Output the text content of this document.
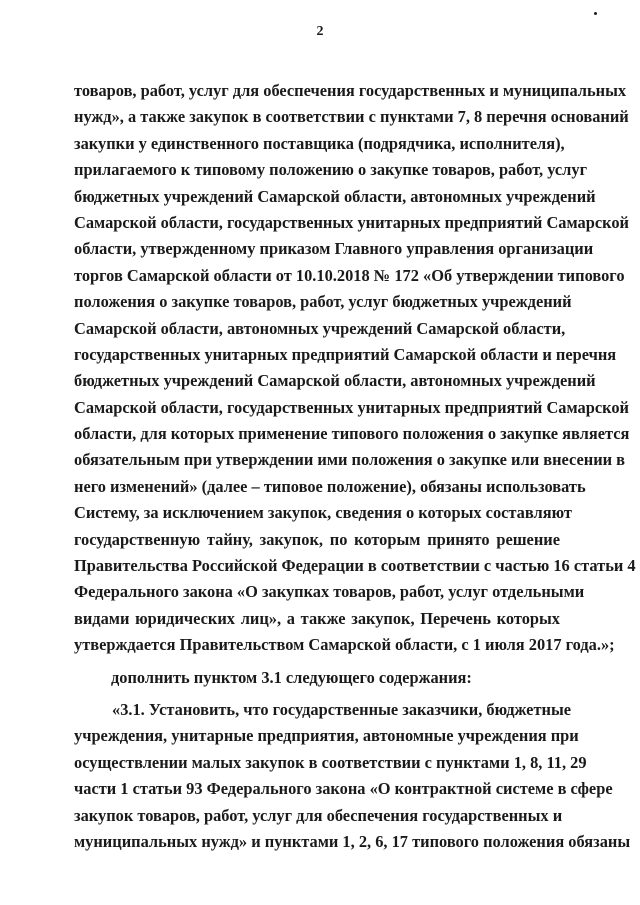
2
товаров, работ, услуг для обеспечения государственных и муниципальных
нужд», а также закупок в соответствии с пунктами 7, 8 перечня оснований
закупки у единственного поставщика (подрядчика, исполнителя),
прилагаемого к типовому положению о закупке товаров, работ, услуг
бюджетных учреждений Самарской области, автономных учреждений
Самарской области, государственных унитарных предприятий Самарской
области, утвержденному приказом Главного управления организации
торгов Самарской области от 10.10.2018 № 172 «Об утверждении типового
положения о закупке товаров, работ, услуг бюджетных учреждений
Самарской области, автономных учреждений Самарской области,
государственных унитарных предприятий Самарской области и перечня
бюджетных учреждений Самарской области, автономных учреждений
Самарской области, государственных унитарных предприятий Самарской
области, для которых применение типового положения о закупке является
обязательным при утверждении ими положения о закупке или внесении в
него изменений» (далее – типовое положение), обязаны использовать
Систему, за исключением закупок, сведения о которых составляют
государственную тайну, закупок, по которым принято решение
Правительства Российской Федерации в соответствии с частью 16 статьи 4
Федерального закона «О закупках товаров, работ, услуг отдельными
видами юридических лиц», а также закупок, Перечень которых
утверждается Правительством Самарской области, с 1 июля 2017 года.»;
дополнить пунктом 3.1 следующего содержания:
«3.1. Установить, что государственные заказчики, бюджетные
учреждения, унитарные предприятия, автономные учреждения при
осуществлении малых закупок в соответствии с пунктами 1, 8, 11, 29
части 1 статьи 93 Федерального закона «О контрактной системе в сфере
закупок товаров, работ, услуг для обеспечения государственных и
муниципальных нужд» и пунктами 1, 2, 6, 17 типового положения обязаны
